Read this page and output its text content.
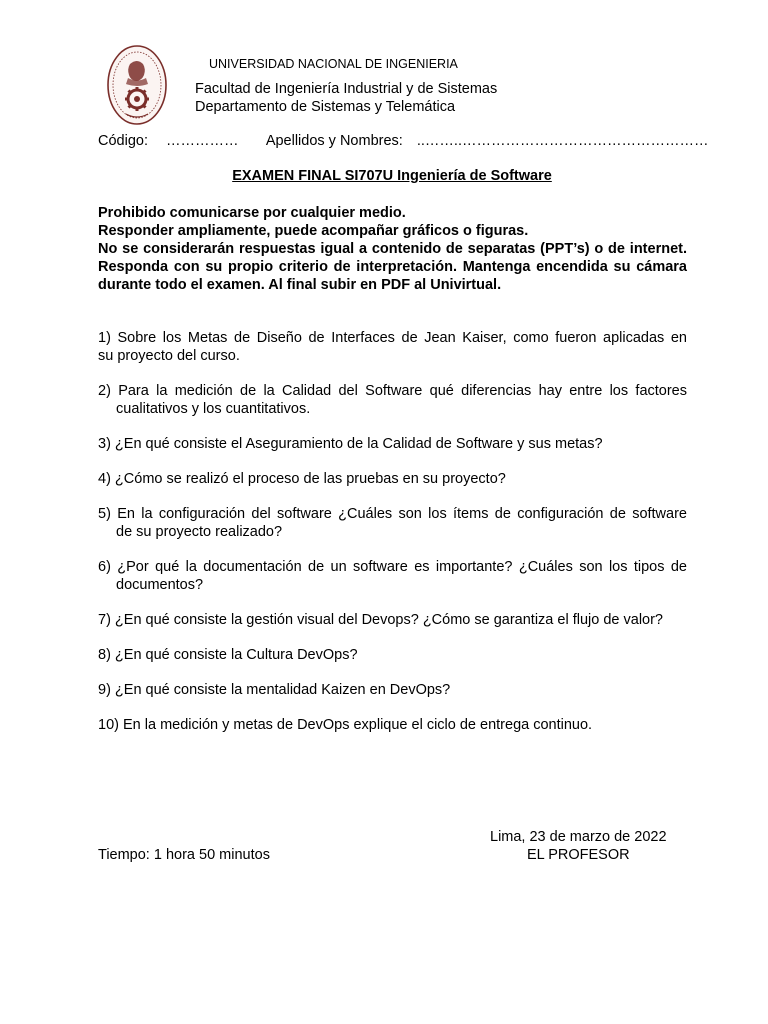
UNIVERSIDAD NACIONAL DE INGENIERIA
Facultad de Ingeniería Industrial y de Sistemas
Departamento de Sistemas y Telemática
Código: …………… Apellidos y Nombres: ..……..……………………………………………
EXAMEN FINAL SI707U Ingeniería de Software

Prohibido comunicarse por cualquier medio.

Responder ampliamente, puede acompañar gráficos o figuras.

No se considerarán respuestas igual a contenido de separatas (PPT’s) o de internet. Responda con su propio criterio de interpretación. Mantenga encendida su cámara durante todo el examen. Al final subir en PDF al Univirtual.

1) Sobre los Metas de Diseño de Interfaces de Jean Kaiser, como fueron aplicadas en
su proyecto del curso.

2) Para la medición de la Calidad del Software qué diferencias hay entre los factores
cualitativos y los cuantitativos.

3) ¿En qué consiste el Aseguramiento de la Calidad de Software y sus metas?

4) ¿Cómo se realizó el proceso de las pruebas en su proyecto?

5) En la configuración del software ¿Cuáles son los ítems de configuración de software
de su proyecto realizado?

6) ¿Por qué la documentación de un software es importante? ¿Cuáles son los tipos de
documentos?

7) ¿En qué consiste la gestión visual del Devops? ¿Cómo se garantiza el flujo de valor?

8) ¿En qué consiste la Cultura DevOps?

9) ¿En qué consiste la mentalidad Kaizen en DevOps?

10) En la medición y metas de DevOps explique el ciclo de entrega continuo.

Lima, 23 de marzo de 2022
EL PROFESOR
Tiempo: 1 hora 50 minutos
